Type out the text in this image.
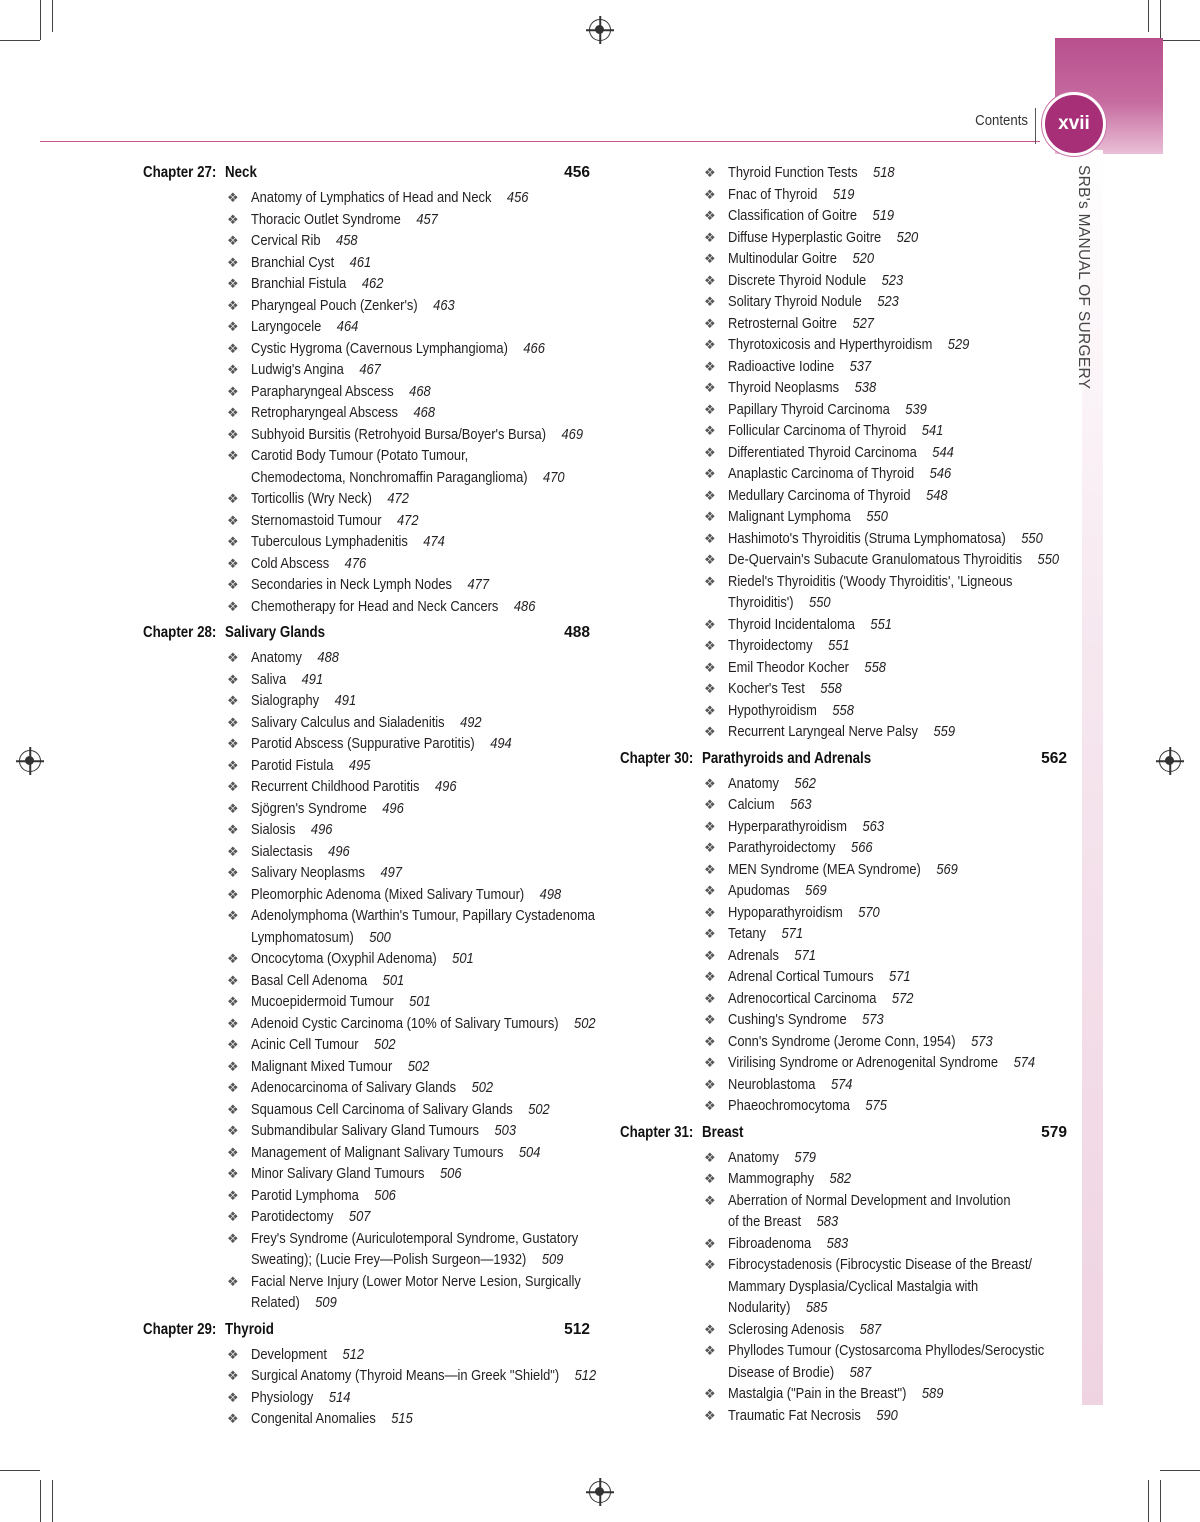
Contents	xvii
SRB's MANUAL OF SURGERY
Chapter 27: Neck	456
❖ Anatomy of Lymphatics of Head and Neck 456
❖ Thoracic Outlet Syndrome 457
❖ Cervical Rib 458
❖ Branchial Cyst 461
❖ Branchial Fistula 462
❖ Pharyngeal Pouch (Zenker's) 463
❖ Laryngocele 464
❖ Cystic Hygroma (Cavernous Lymphangioma) 466
❖ Ludwig's Angina 467
❖ Parapharyngeal Abscess 468
❖ Retropharyngeal Abscess 468
❖ Subhyoid Bursitis (Retrohyoid Bursa/Boyer's Bursa) 469
❖ Carotid Body Tumour (Potato Tumour,
Chemodectoma, Nonchromaffin Paraganglioma) 470
❖ Torticollis (Wry Neck) 472
❖ Sternomastoid Tumour 472
❖ Tuberculous Lymphadenitis 474
❖ Cold Abscess 476
❖ Secondaries in Neck Lymph Nodes 477
❖ Chemotherapy for Head and Neck Cancers 486
Chapter 28: Salivary Glands	488
❖ Anatomy 488
❖ Saliva 491
❖ Sialography 491
❖ Salivary Calculus and Sialadenitis 492
❖ Parotid Abscess (Suppurative Parotitis) 494
❖ Parotid Fistula 495
❖ Recurrent Childhood Parotitis 496
❖ Sjögren's Syndrome 496
❖ Sialosis 496
❖ Sialectasis 496
❖ Salivary Neoplasms 497
❖ Pleomorphic Adenoma (Mixed Salivary Tumour) 498
❖ Adenolymphoma (Warthin's Tumour, Papillary Cystadenoma
Lymphomatosum) 500
❖ Oncocytoma (Oxyphil Adenoma) 501
❖ Basal Cell Adenoma 501
❖ Mucoepidermoid Tumour 501
❖ Adenoid Cystic Carcinoma (10% of Salivary Tumours) 502
❖ Acinic Cell Tumour 502
❖ Malignant Mixed Tumour 502
❖ Adenocarcinoma of Salivary Glands 502
❖ Squamous Cell Carcinoma of Salivary Glands 502
❖ Submandibular Salivary Gland Tumours 503
❖ Management of Malignant Salivary Tumours 504
❖ Minor Salivary Gland Tumours 506
❖ Parotid Lymphoma 506
❖ Parotidectomy 507
❖ Frey's Syndrome (Auriculotemporal Syndrome, Gustatory
Sweating); (Lucie Frey—Polish Surgeon—1932) 509
❖ Facial Nerve Injury (Lower Motor Nerve Lesion, Surgically
Related) 509
Chapter 29: Thyroid	512
❖ Development 512
❖ Surgical Anatomy (Thyroid Means—in Greek "Shield") 512
❖ Physiology 514
❖ Congenital Anomalies 515
❖ Thyroid Function Tests 518
❖ Fnac of Thyroid 519
❖ Classification of Goitre 519
❖ Diffuse Hyperplastic Goitre 520
❖ Multinodular Goitre 520
❖ Discrete Thyroid Nodule 523
❖ Solitary Thyroid Nodule 523
❖ Retrosternal Goitre 527
❖ Thyrotoxicosis and Hyperthyroidism 529
❖ Radioactive Iodine 537
❖ Thyroid Neoplasms 538
❖ Papillary Thyroid Carcinoma 539
❖ Follicular Carcinoma of Thyroid 541
❖ Differentiated Thyroid Carcinoma 544
❖ Anaplastic Carcinoma of Thyroid 546
❖ Medullary Carcinoma of Thyroid 548
❖ Malignant Lymphoma 550
❖ Hashimoto's Thyroiditis (Struma Lymphomatosa) 550
❖ De-Quervain's Subacute Granulomatous Thyroiditis 550
❖ Riedel's Thyroiditis ('Woody Thyroiditis', 'Ligneous
Thyroiditis') 550
❖ Thyroid Incidentaloma 551
❖ Thyroidectomy 551
❖ Emil Theodor Kocher 558
❖ Kocher's Test 558
❖ Hypothyroidism 558
❖ Recurrent Laryngeal Nerve Palsy 559
Chapter 30: Parathyroids and Adrenals	562
❖ Anatomy 562
❖ Calcium 563
❖ Hyperparathyroidism 563
❖ Parathyroidectomy 566
❖ MEN Syndrome (MEA Syndrome) 569
❖ Apudomas 569
❖ Hypoparathyroidism 570
❖ Tetany 571
❖ Adrenals 571
❖ Adrenal Cortical Tumours 571
❖ Adrenocortical Carcinoma 572
❖ Cushing's Syndrome 573
❖ Conn's Syndrome (Jerome Conn, 1954) 573
❖ Virilising Syndrome or Adrenogenital Syndrome 574
❖ Neuroblastoma 574
❖ Phaeochromocytoma 575
Chapter 31: Breast	579
❖ Anatomy 579
❖ Mammography 582
❖ Aberration of Normal Development and Involution
of the Breast 583
❖ Fibroadenoma 583
❖ Fibrocystadenosis (Fibrocystic Disease of the Breast/
Mammary Dysplasia/Cyclical Mastalgia with
Nodularity) 585
❖ Sclerosing Adenosis 587
❖ Phyllodes Tumour (Cystosarcoma Phyllodes/Serocystic
Disease of Brodie) 587
❖ Mastalgia ("Pain in the Breast") 589
❖ Traumatic Fat Necrosis 590
